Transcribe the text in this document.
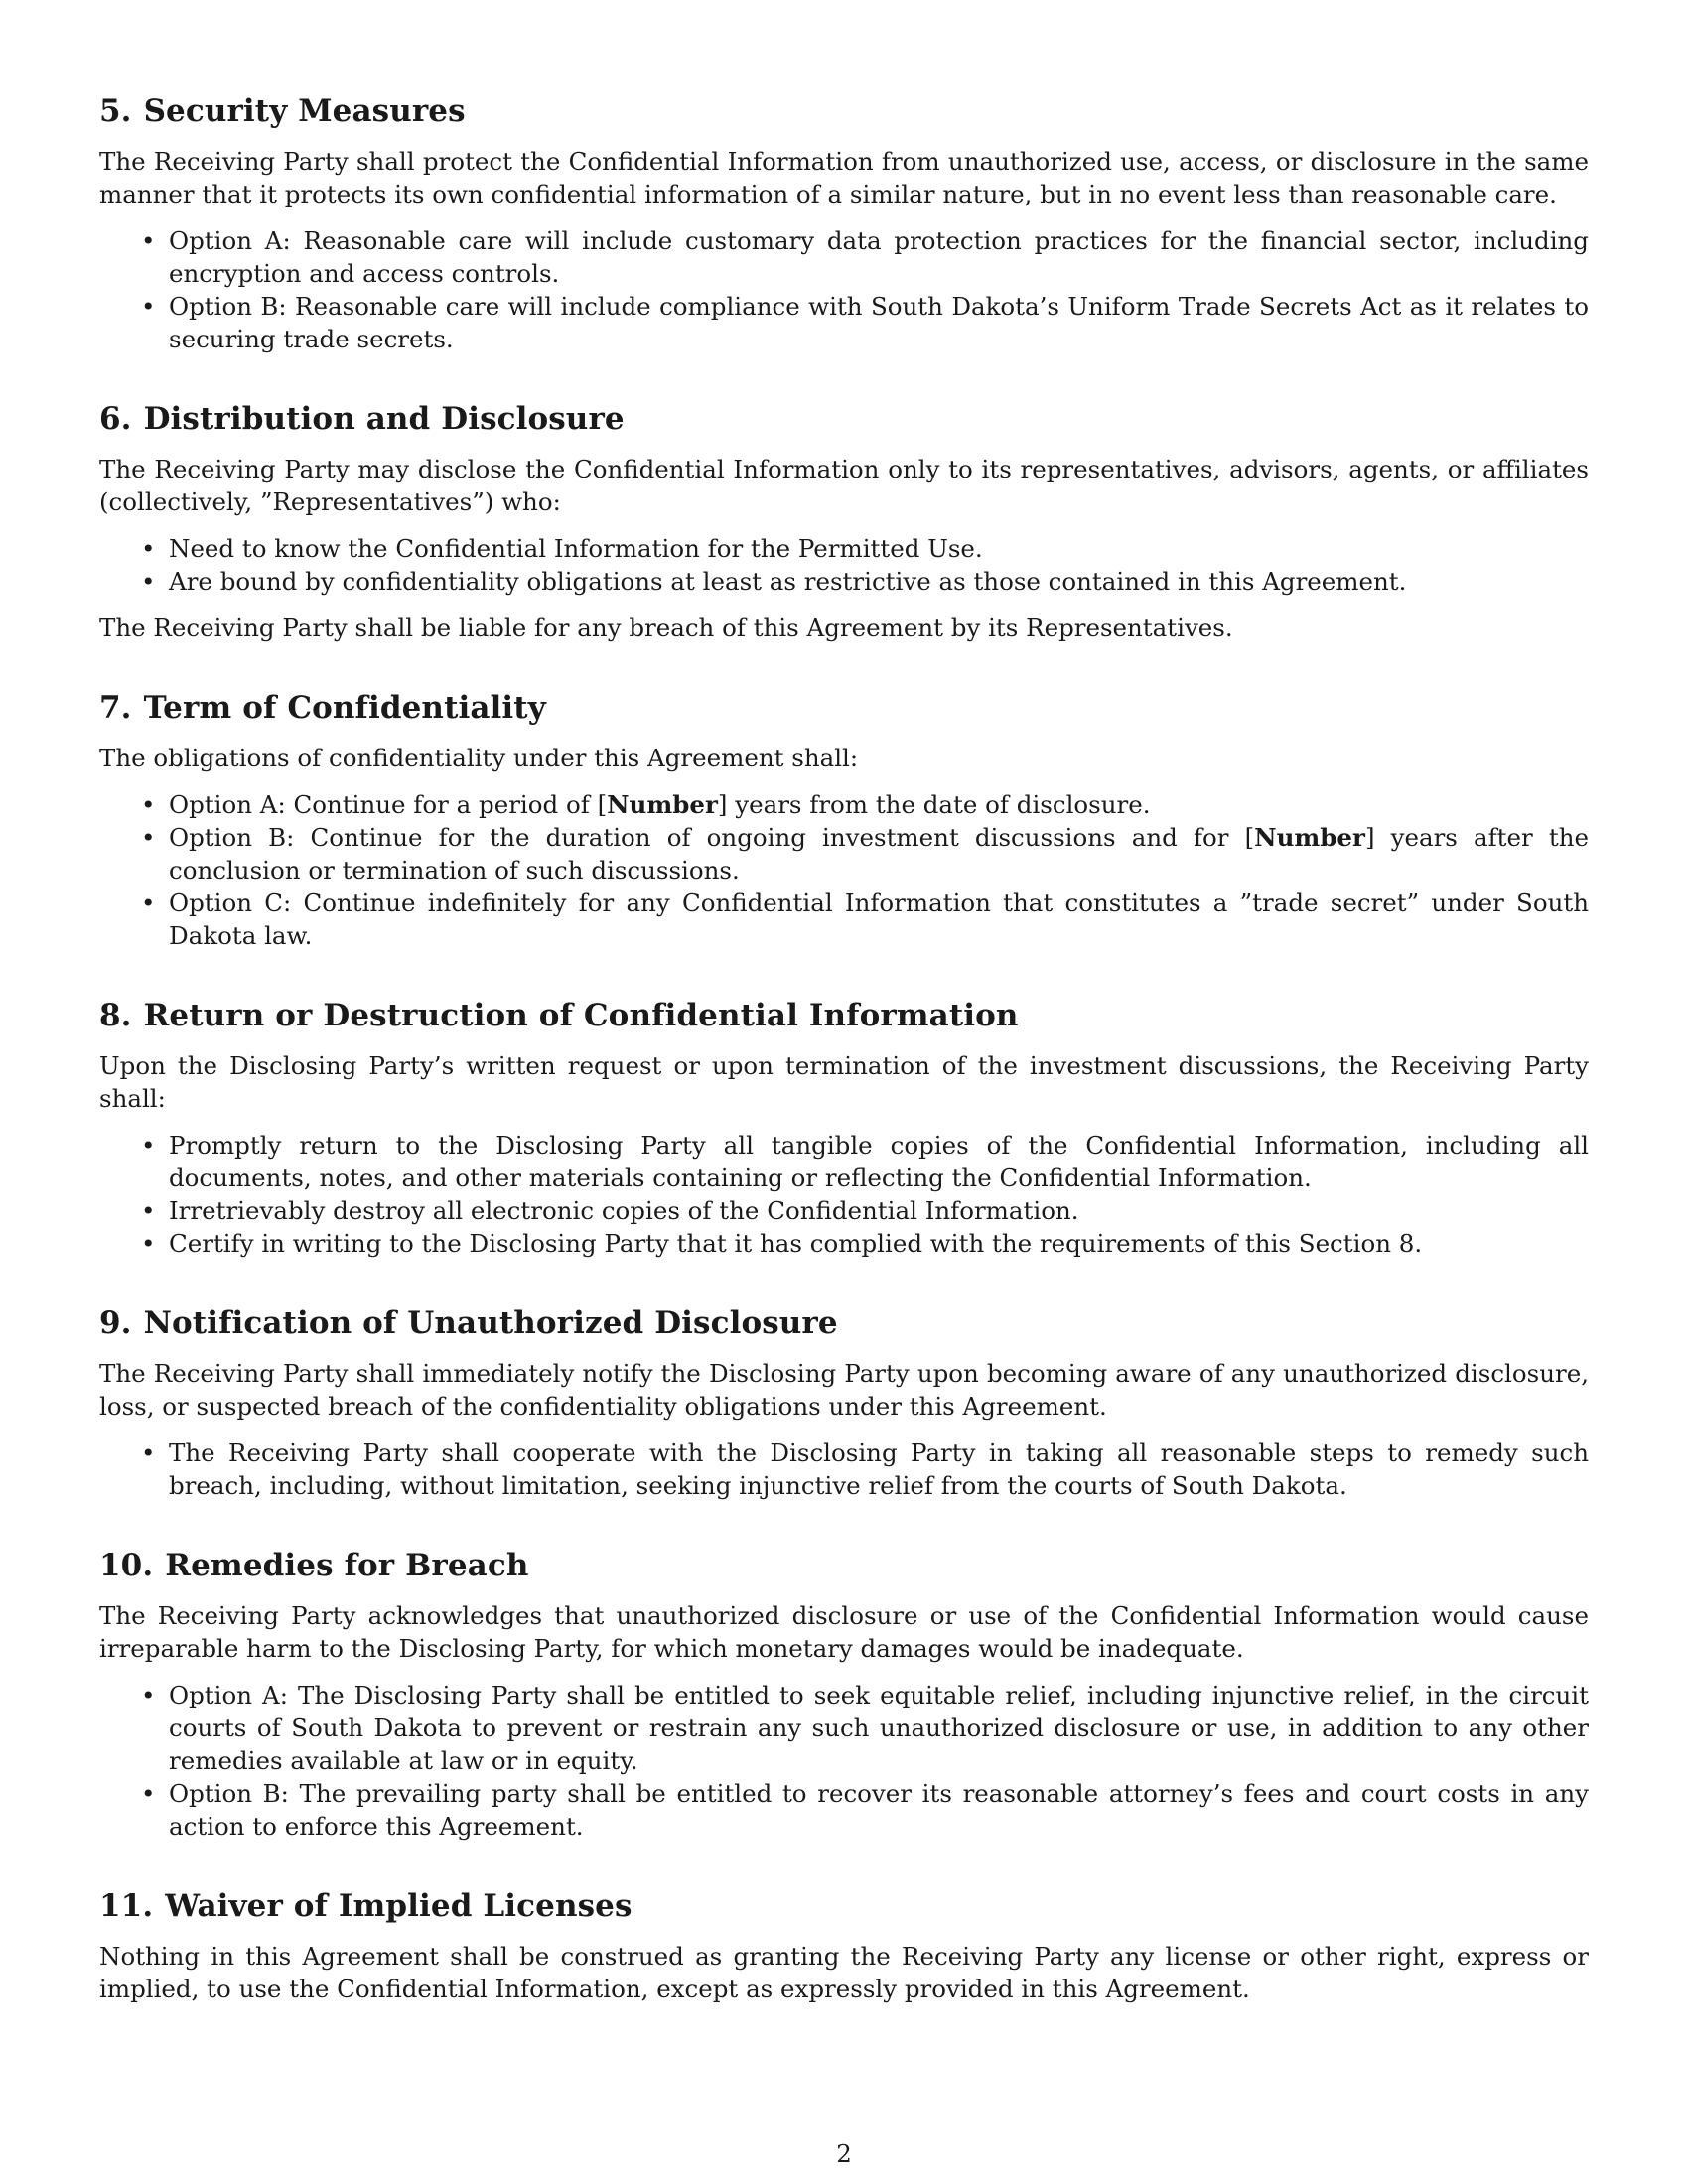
5. Security Measures

The Receiving Party shall protect the Confidential Information from unauthorized use, access, or disclosure in the same manner that it protects its own confidential information of a similar nature, but in no event less than reasonable care.

• Option A: Reasonable care will include customary data protection practices for the financial sector, including encryption and access controls.
• Option B: Reasonable care will include compliance with South Dakota’s Uniform Trade Secrets Act as it relates to securing trade secrets.
6. Distribution and Disclosure

The Receiving Party may disclose the Confidential Information only to its representatives, advisors, agents, or affiliates (collectively, ”Representatives”) who:

• Need to know the Confidential Information for the Permitted Use.
• Are bound by confidentiality obligations at least as restrictive as those contained in this Agreement.

The Receiving Party shall be liable for any breach of this Agreement by its Representatives.

7. Term of Confidentiality

The obligations of confidentiality under this Agreement shall:

• Option A: Continue for a period of [Number] years from the date of disclosure.
• Option B: Continue for the duration of ongoing investment discussions and for [Number] years after the conclusion or termination of such discussions.
• Option C: Continue indefinitely for any Confidential Information that constitutes a ”trade secret” under South Dakota law.
8. Return or Destruction of Confidential Information

Upon the Disclosing Party’s written request or upon termination of the investment discussions, the Receiving Party shall:

• Promptly return to the Disclosing Party all tangible copies of the Confidential Information, including all documents, notes, and other materials containing or reflecting the Confidential Information.
• Irretrievably destroy all electronic copies of the Confidential Information.
• Certify in writing to the Disclosing Party that it has complied with the requirements of this Section 8.
9. Notification of Unauthorized Disclosure

The Receiving Party shall immediately notify the Disclosing Party upon becoming aware of any unauthorized disclosure, loss, or suspected breach of the confidentiality obligations under this Agreement.

• The Receiving Party shall cooperate with the Disclosing Party in taking all reasonable steps to remedy such breach, including, without limitation, seeking injunctive relief from the courts of South Dakota.
10. Remedies for Breach

The Receiving Party acknowledges that unauthorized disclosure or use of the Confidential Information would cause irreparable harm to the Disclosing Party, for which monetary damages would be inadequate.

• Option A: The Disclosing Party shall be entitled to seek equitable relief, including injunctive relief, in the circuit courts of South Dakota to prevent or restrain any such unauthorized disclosure or use, in addition to any other remedies available at law or in equity.
• Option B: The prevailing party shall be entitled to recover its reasonable attorney’s fees and court costs in any action to enforce this Agreement.
11. Waiver of Implied Licenses

Nothing in this Agreement shall be construed as granting the Receiving Party any license or other right, express or implied, to use the Confidential Information, except as expressly provided in this Agreement.

2
